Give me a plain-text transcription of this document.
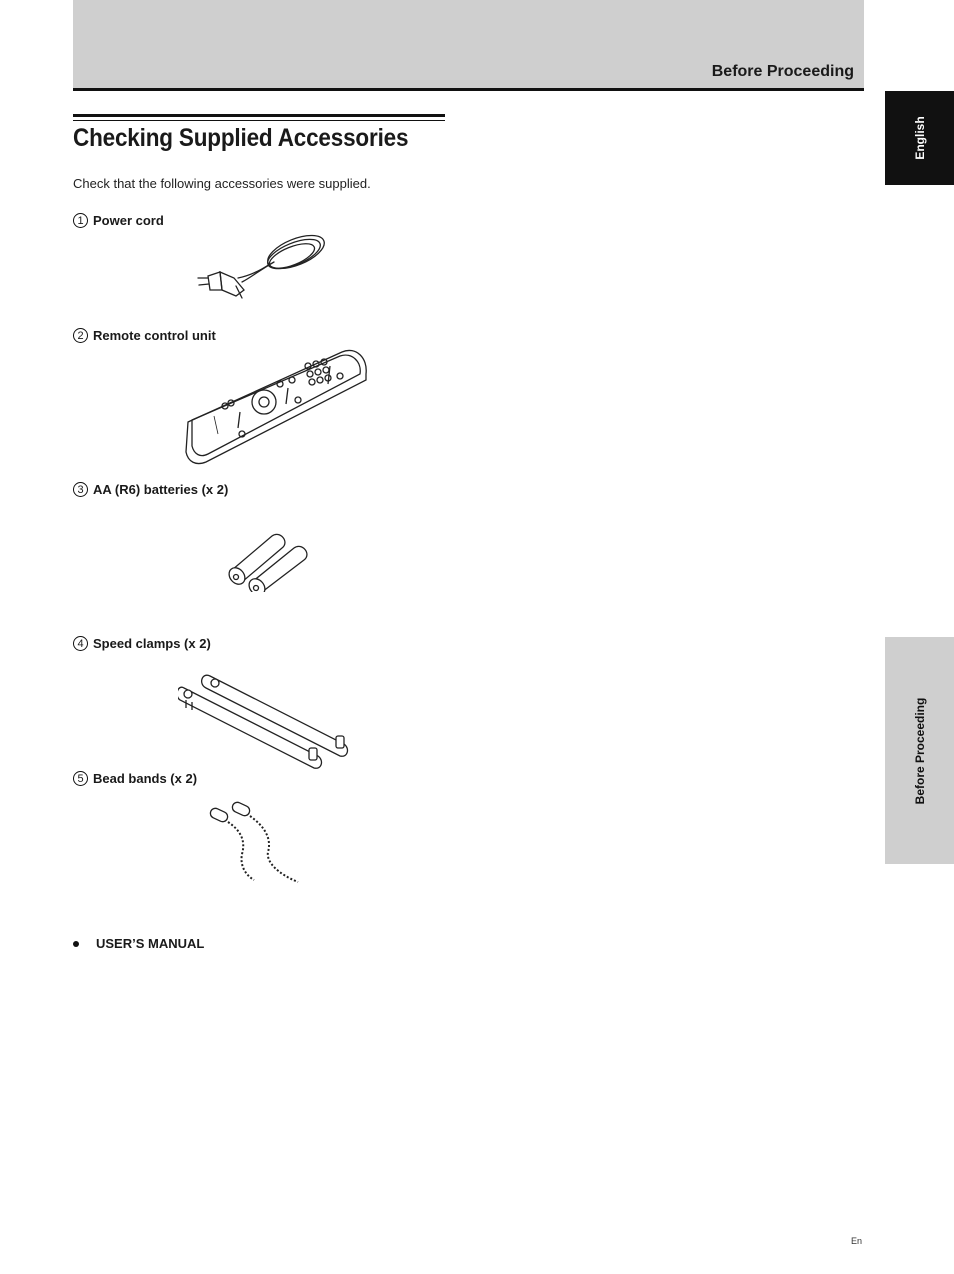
Before Proceeding
English
Before Proceeding
Checking Supplied Accessories
Check that the following accessories were supplied.
1 Power cord
2 Remote control unit
3 AA (R6) batteries (x 2)
4 Speed clamps (x 2)
5 Bead bands (x 2)
USER’S MANUAL
En
